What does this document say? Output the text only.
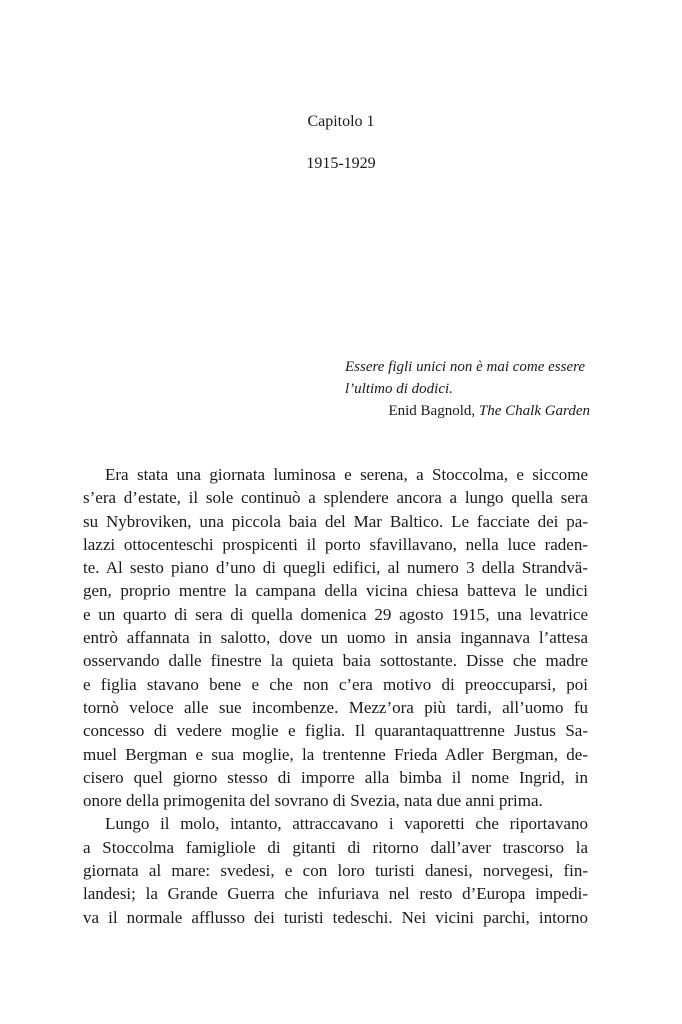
Capitolo 1
1915-1929
Essere figli unici non è mai come essere
l’ultimo di dodici.
Enid Bagnold, The Chalk Garden
Era stata una giornata luminosa e serena, a Stoccolma, e siccome
s’era d’estate, il sole continuò a splendere ancora a lungo quella sera
su Nybroviken, una piccola baia del Mar Baltico. Le facciate dei pa-
lazzi ottocenteschi prospicenti il porto sfavillavano, nella luce raden-
te. Al sesto piano d’uno di quegli edifici, al numero 3 della Strandvä-
gen, proprio mentre la campana della vicina chiesa batteva le undici
e un quarto di sera di quella domenica 29 agosto 1915, una levatrice
entrò affannata in salotto, dove un uomo in ansia ingannava l’attesa
osservando dalle finestre la quieta baia sottostante. Disse che madre
e figlia stavano bene e che non c’era motivo di preoccuparsi, poi
tornò veloce alle sue incombenze. Mezz’ora più tardi, all’uomo fu
concesso di vedere moglie e figlia. Il quarantaquattrenne Justus Sa-
muel Bergman e sua moglie, la trentenne Frieda Adler Bergman, de-
cisero quel giorno stesso di imporre alla bimba il nome Ingrid, in
onore della primogenita del sovrano di Svezia, nata due anni prima.
Lungo il molo, intanto, attraccavano i vaporetti che riportavano
a Stoccolma famigliole di gitanti di ritorno dall’aver trascorso la
giornata al mare: svedesi, e con loro turisti danesi, norvegesi, fin-
landesi; la Grande Guerra che infuriava nel resto d’Europa impedi-
va il normale afflusso dei turisti tedeschi. Nei vicini parchi, intorno
